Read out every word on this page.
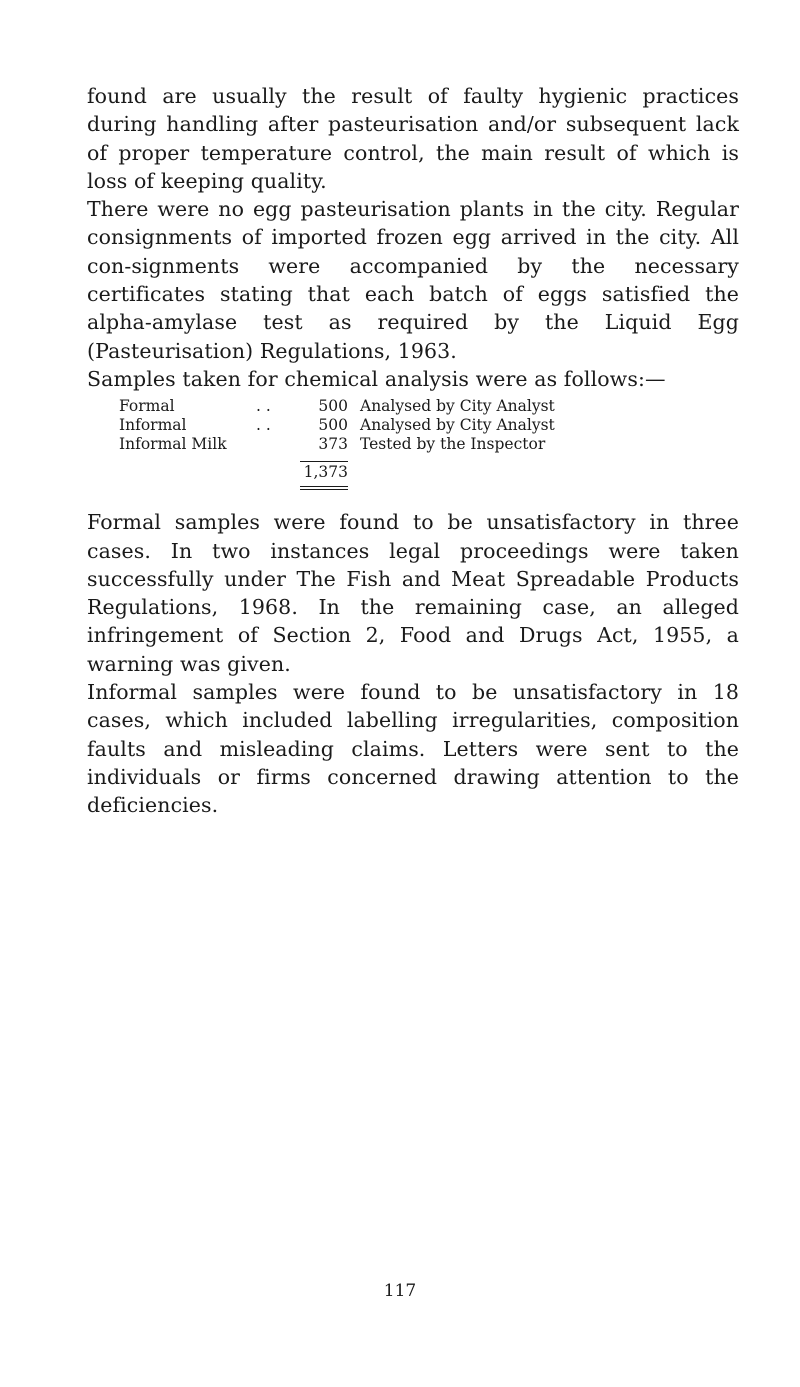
found are usually the result of faulty hygienic practices during handling after pasteurisation and/or subsequent lack of proper temperature control, the main result of which is loss of keeping quality.

There were no egg pasteurisation plants in the city. Regular consignments of imported frozen egg arrived in the city. All con-signments were accompanied by the necessary certificates stating that each batch of eggs satisfied the alpha-amylase test as required by the Liquid Egg (Pasteurisation) Regulations, 1963.

Samples taken for chemical analysis were as follows:—

Formal	. .	500 Analysed by City Analyst
Informal	. .	500 Analysed by City Analyst
Informal Milk	373 Tested by the Inspector
1,373

Formal samples were found to be unsatisfactory in three cases. In two instances legal proceedings were taken successfully under The Fish and Meat Spreadable Products Regulations, 1968. In the remaining case, an alleged infringement of Section 2, Food and Drugs Act, 1955, a warning was given.

Informal samples were found to be unsatisfactory in 18 cases, which included labelling irregularities, composition faults and misleading claims. Letters were sent to the individuals or firms concerned drawing attention to the deficiencies.

117
